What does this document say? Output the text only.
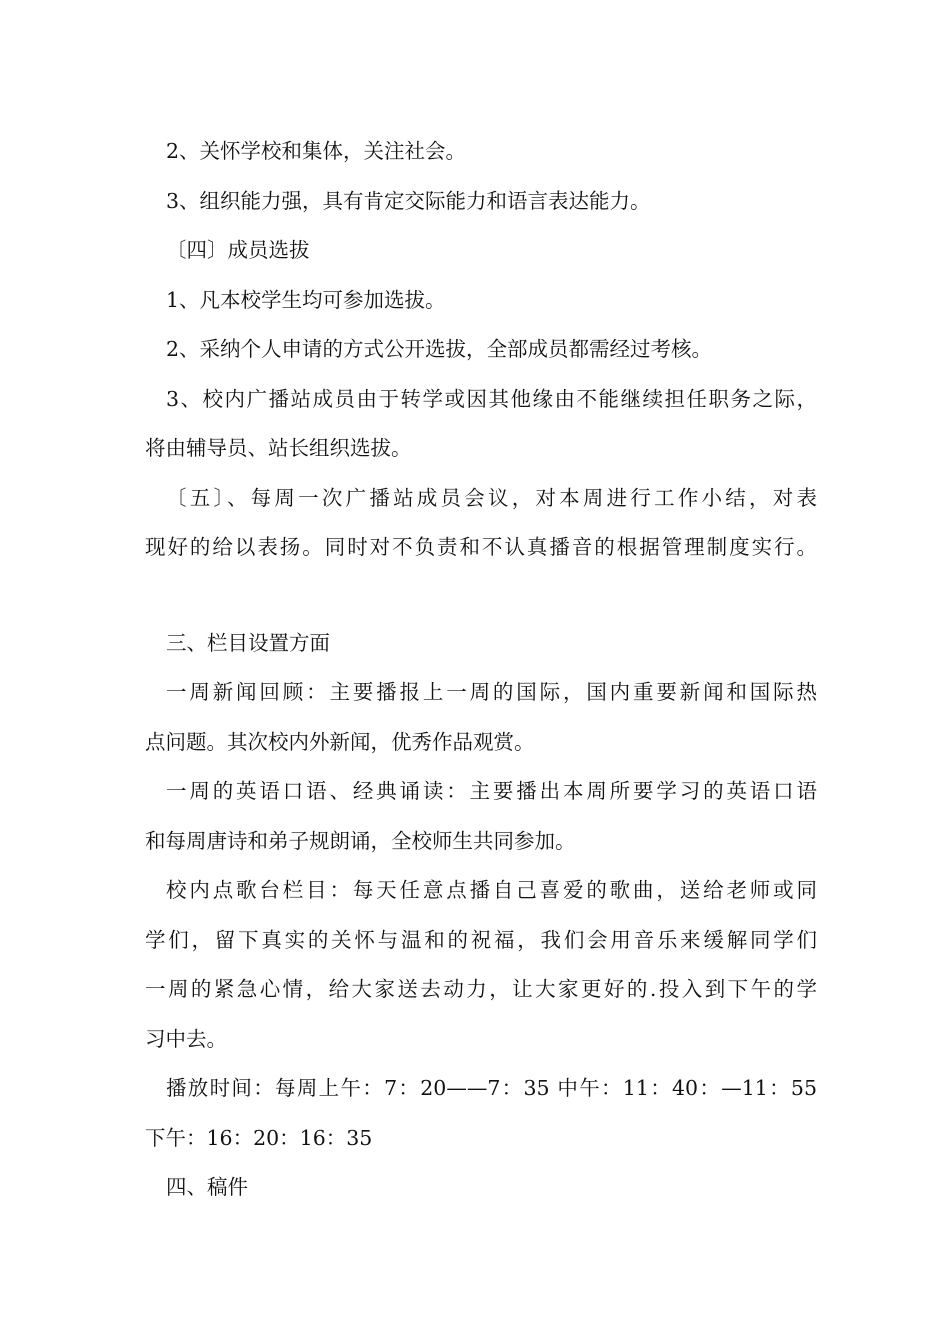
2、关怀学校和集体，关注社会。

3、组织能力强，具有肯定交际能力和语言表达能力。

〔四〕成员选拔

1、凡本校学生均可参加选拔。

2、采纳个人申请的方式公开选拔，全部成员都需经过考核。

3、校内广播站成员由于转学或因其他缘由不能继续担任职务之际，

将由辅导员、站长组织选拔。

〔五〕、每周一次广播站成员会议，对本周进行工作小结，对表

现好的给以表扬。同时对不负责和不认真播音的根据管理制度实行。

三、栏目设置方面

一周新闻回顾：主要播报上一周的国际，国内重要新闻和国际热

点问题。其次校内外新闻，优秀作品观赏。

一周的英语口语、经典诵读：主要播出本周所要学习的英语口语

和每周唐诗和弟子规朗诵，全校师生共同参加。

校内点歌台栏目：每天任意点播自己喜爱的歌曲，送给老师或同

学们，留下真实的关怀与温和的祝福，我们会用音乐来缓解同学们

一周的紧急心情，给大家送去动力，让大家更好的.投入到下午的学

习中去。

播放时间：每周上午：7：20——7：35 中午：11：40：—11：55

下午：16：20：16：35

四、稿件
